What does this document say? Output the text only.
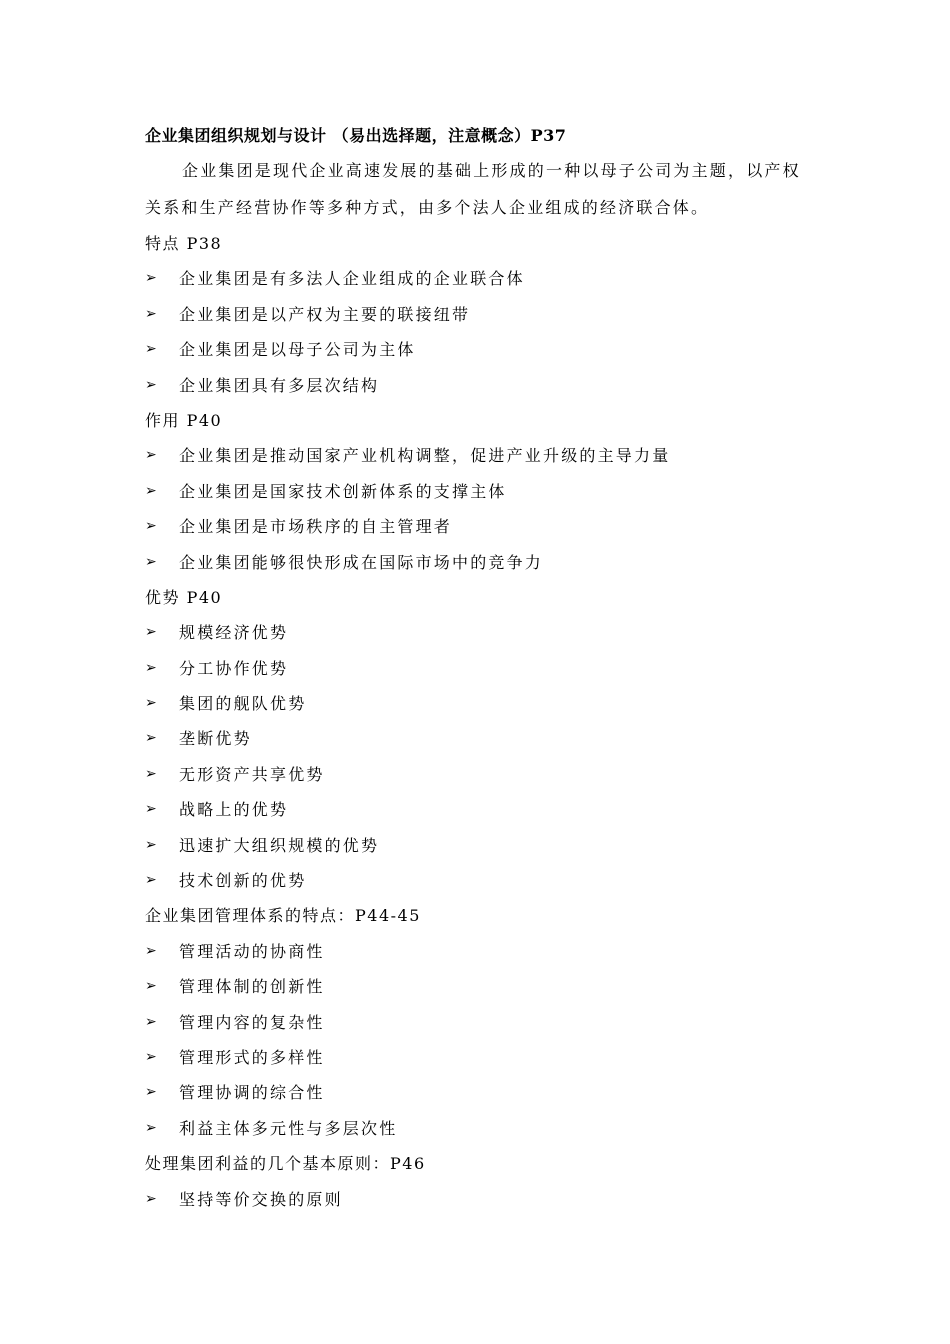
企业集团组织规划与设计 （易出选择题，注意概念）P37

企业集团是现代企业高速发展的基础上形成的一种以母子公司为主题，以产权关系和生产经营协作等多种方式，由多个法人企业组成的经济联合体。

特点 P38
➢	企业集团是有多法人企业组成的企业联合体
➢	企业集团是以产权为主要的联接纽带
➢	企业集团是以母子公司为主体
➢	企业集团具有多层次结构
作用 P40
➢	企业集团是推动国家产业机构调整，促进产业升级的主导力量
➢	企业集团是国家技术创新体系的支撑主体
➢	企业集团是市场秩序的自主管理者
➢	企业集团能够很快形成在国际市场中的竞争力
优势 P40
➢	规模经济优势
➢	分工协作优势
➢	集团的舰队优势
➢	垄断优势
➢	无形资产共享优势
➢	战略上的优势
➢	迅速扩大组织规模的优势
➢	技术创新的优势
企业集团管理体系的特点：P44-45
➢	管理活动的协商性
➢	管理体制的创新性
➢	管理内容的复杂性
➢	管理形式的多样性
➢	管理协调的综合性
➢	利益主体多元性与多层次性
处理集团利益的几个基本原则：P46
➢	坚持等价交换的原则
